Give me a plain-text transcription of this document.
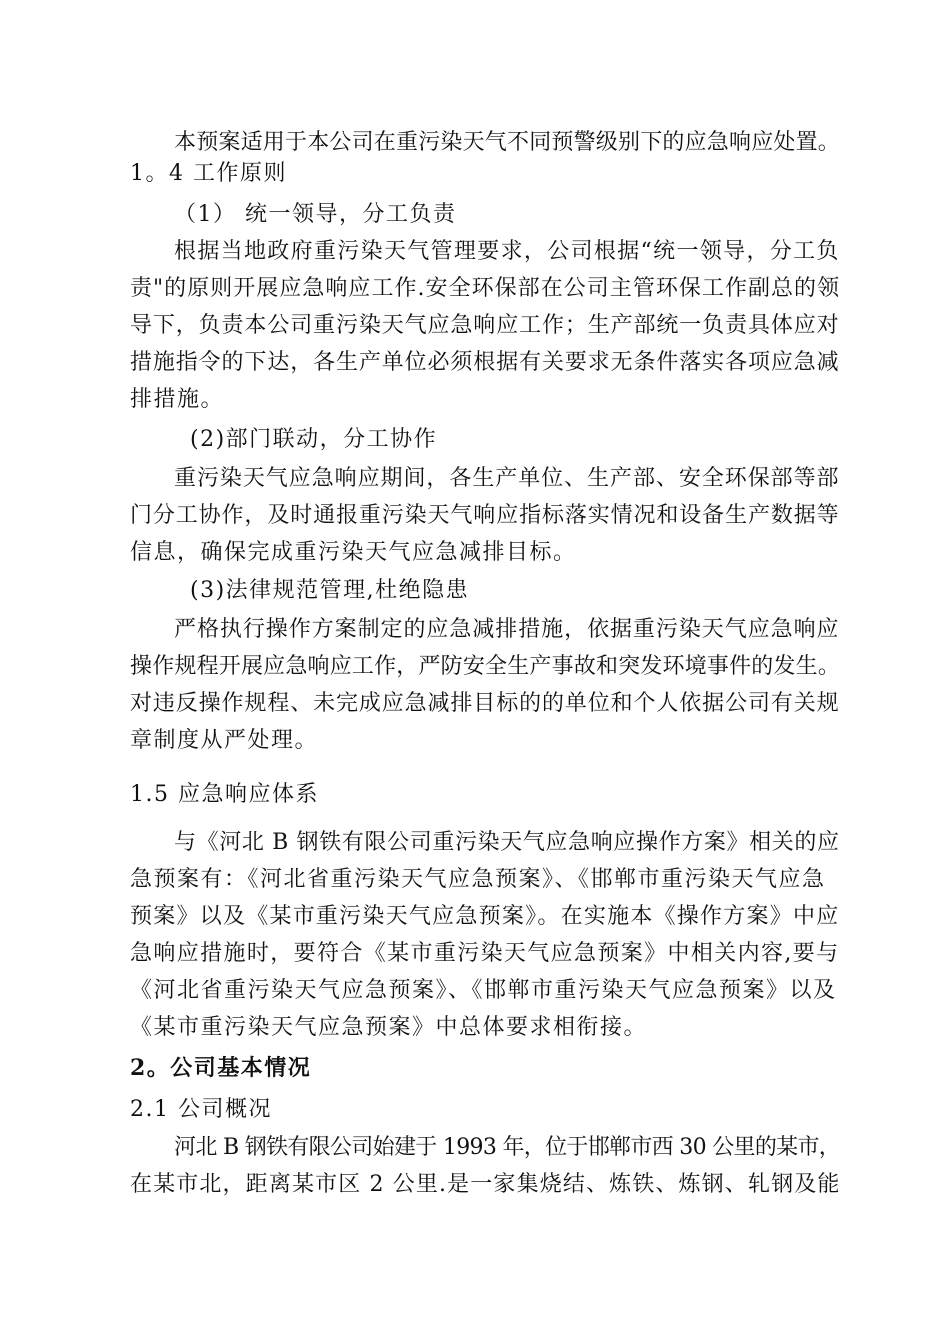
本预案适用于本公司在重污染天气不同预警级别下的应急响应处置。
1。4 工作原则
（1） 统一领导，分工负责
根据当地政府重污染天气管理要求，公司根据“统一领导，分工负
责"的原则开展应急响应工作.安全环保部在公司主管环保工作副总的领
导下，负责本公司重污染天气应急响应工作；生产部统一负责具体应对
措施指令的下达，各生产单位必须根据有关要求无条件落实各项应急减
排措施。
(2)部门联动，分工协作
重污染天气应急响应期间，各生产单位、生产部、安全环保部等部
门分工协作，及时通报重污染天气响应指标落实情况和设备生产数据等
信息，确保完成重污染天气应急减排目标。
(3)法律规范管理,杜绝隐患
严格执行操作方案制定的应急减排措施，依据重污染天气应急响应
操作规程开展应急响应工作，严防安全生产事故和突发环境事件的发生。
对违反操作规程、未完成应急减排目标的的单位和个人依据公司有关规
章制度从严处理。
1.5 应急响应体系
与《河北 B 钢铁有限公司重污染天气应急响应操作方案》相关的应
急预案有：《河北省重污染天气应急预案》、《邯郸市重污染天气应急
预案》以及《某市重污染天气应急预案》。在实施本《操作方案》中应
急响应措施时，要符合《某市重污染天气应急预案》中相关内容,要与
《河北省重污染天气应急预案》、《邯郸市重污染天气应急预案》以及
《某市重污染天气应急预案》中总体要求相衔接。
2。公司基本情况
2.1 公司概况
河北 B 钢铁有限公司始建于 1993 年，位于邯郸市西 30 公里的某市，
在某市北，距离某市区 2 公里.是一家集烧结、炼铁、炼钢、轧钢及能
